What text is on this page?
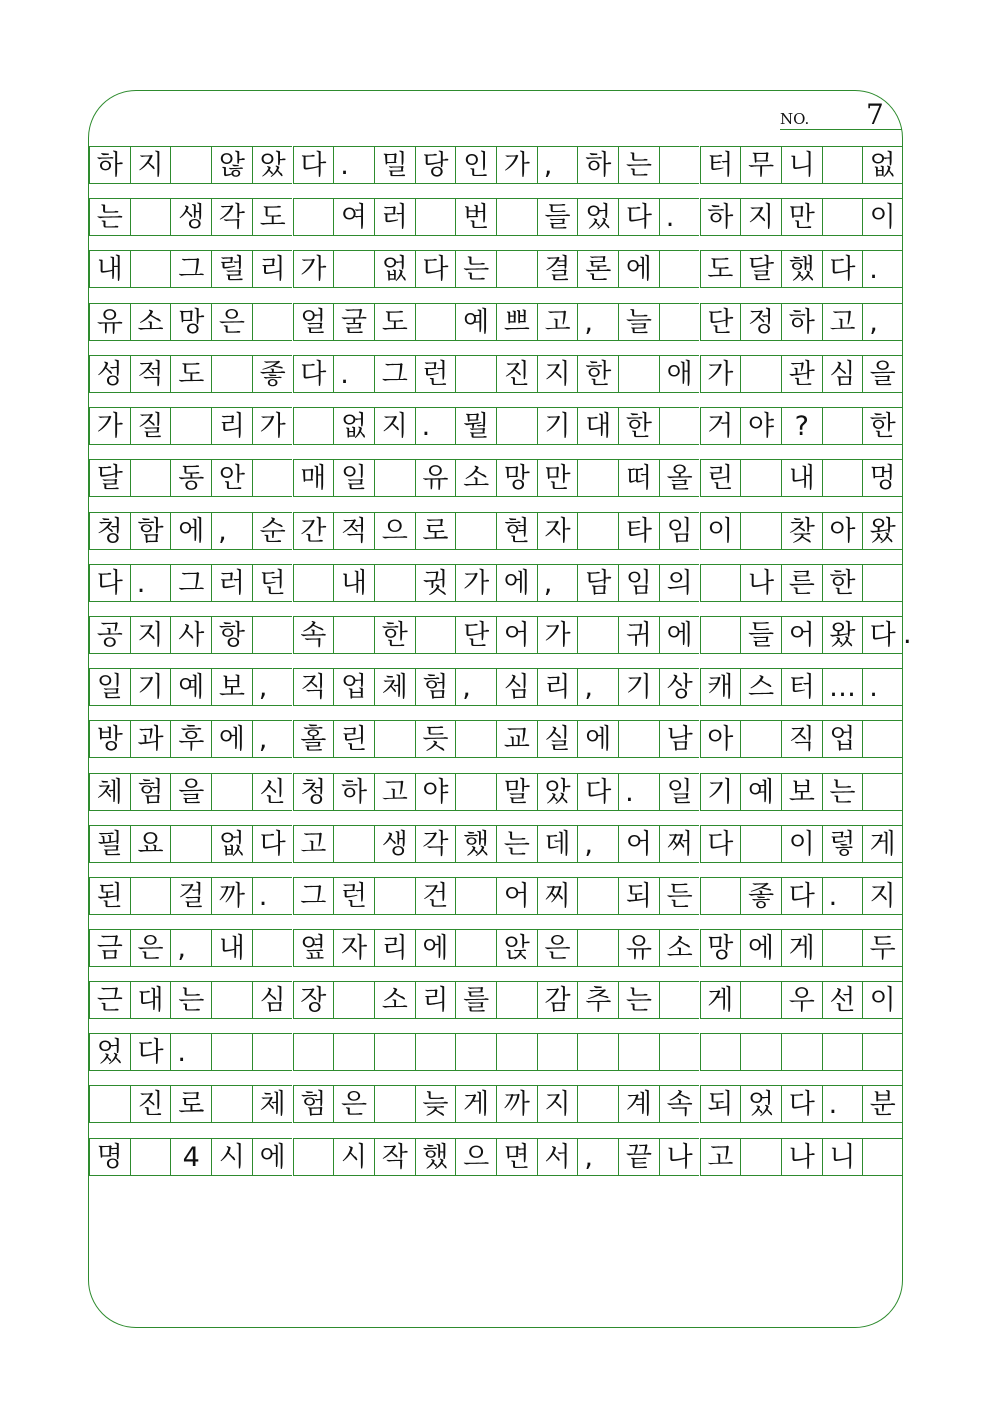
NO. 7
하 지 않 았 다 .	밀 당 인 가 ,	하 는 터 무 니 없
는 생 각 도 여 러 번 들 었 다 .	하 지 만 이
내 그 럴 리 가 없 다 는 결 론 에 도 달 했 다 .
유 소 망 은 얼 굴 도 예 쁘 고 ,	늘 단 정 하 고 ,
성 적 도 좋 다 .	그 런 진 지 한 애 가 관 심 을
가 질 리 가 없 지 .	뭘 기 대 한 거 야 ?	한
달 동 안 매 일 유 소 망 만 떠 올 린 내 멍
청 함 에 ,	순 간 적 으 로 현 자 타 임 이 찾 아 왔
다 .	그 러 던 내 귓 가 에 ,	담 임 의 나 른 한
공 지 사 항 속 한 단 어 가 귀 에 들 어 왔 다 .
일 기 예 보 ,	직 업 체 험 ,	심 리 ,	기 상 캐 스 터 … .
방 과 후 에 ,	홀 린 듯 교 실 에 남 아 직 업
체 험 을 신 청 하 고 야 말 았 다 .	일 기 예 보 는
필 요 없 다 고 생 각 했 는 데 ,	어 쩌 다 이 렇 게
된 걸 까 .	그 런 건 어 찌 되 든 좋 다 .	지
금 은 ,	내 옆 자 리 에 앉 은 유 소 망 에 게 두
근 대 는 심 장 소 리 를 감 추 는 게 우 선 이
었 다 .
진 로 체 험 은 늦 게 까 지 계 속 되 었 다 .	분
명	4 시 에 시 작 했 으 면 서 ,	끝 나 고 나 니
